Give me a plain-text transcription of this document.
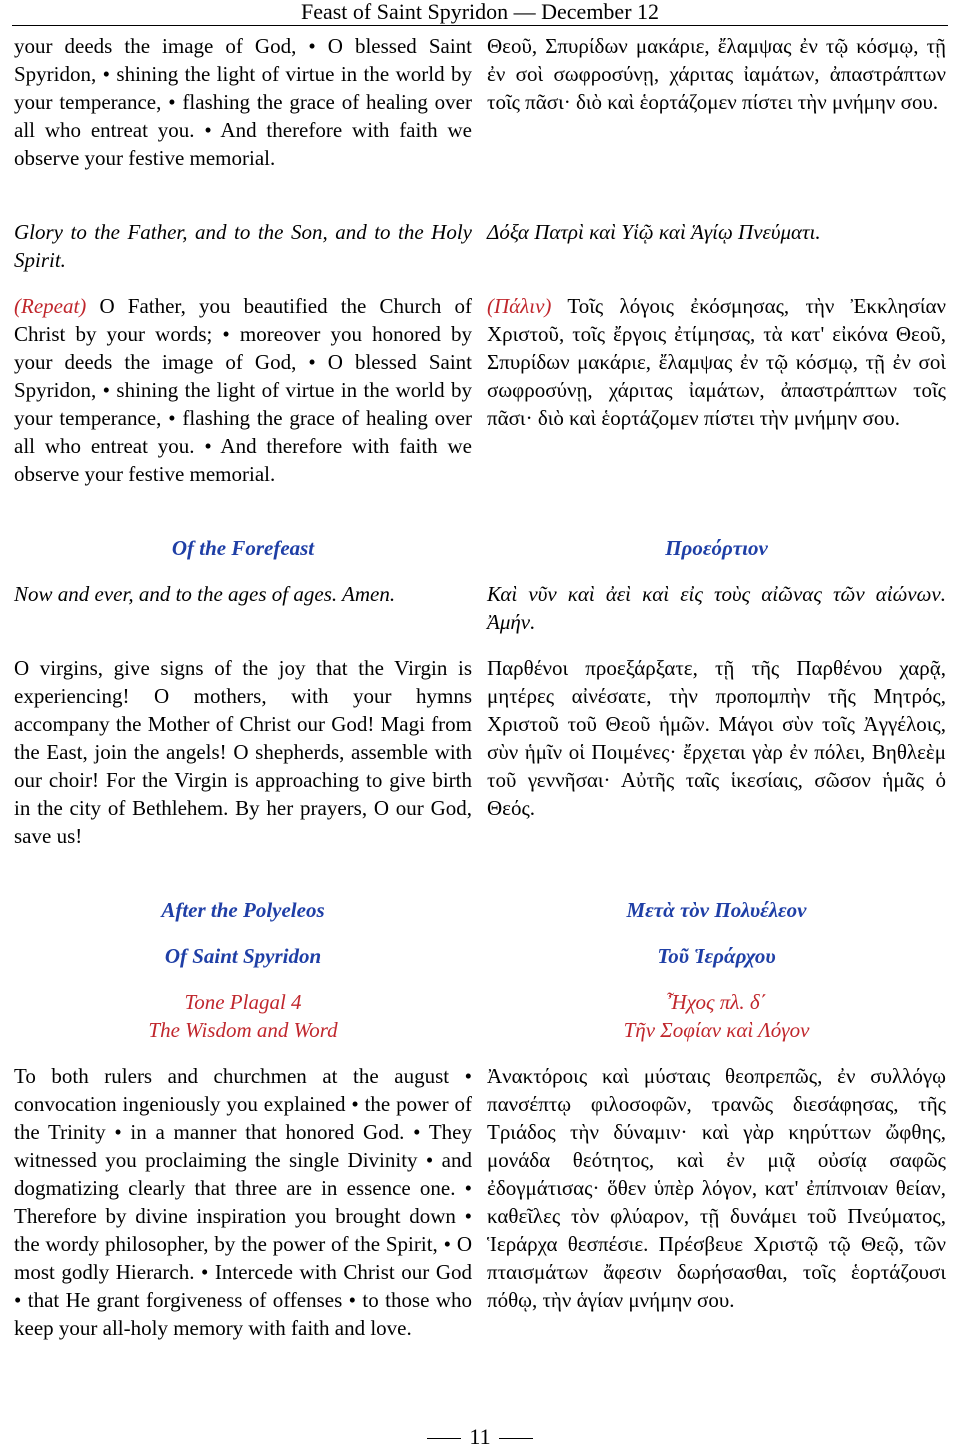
Feast of Saint Spyridon — December 12

your deeds the image of God, • O blessed Saint Spyridon, • shining the light of virtue in the world by your temperance, • flashing the grace of healing over all who entreat you. • And therefore with faith we observe your festive memorial.

Glory to the Father, and to the Son, and to the Holy Spirit.

(Repeat) O Father, you beautified the Church of Christ by your words; • moreover you honored by your deeds the image of God, • O blessed Saint Spyridon, • shining the light of virtue in the world by your temperance, • flashing the grace of healing over all who entreat you. • And therefore with faith we observe your festive memorial.

Of the Forefeast

Now and ever, and to the ages of ages. Amen.

O virgins, give signs of the joy that the Virgin is experiencing! O mothers, with your hymns accompany the Mother of Christ our God! Magi from the East, join the angels! O shepherds, assemble with our choir! For the Virgin is approaching to give birth in the city of Bethlehem. By her prayers, O our God, save us!

After the Polyeleos

Of Saint Spyridon

Tone Plagal 4

The Wisdom and Word

To both rulers and churchmen at the august • convocation ingeniously you explained • the power of the Trinity • in a manner that honored God. • They witnessed you proclaiming the single Divinity • and dogmatizing clearly that three are in essence one. • Therefore by divine inspiration you brought down • the wordy philosopher, by the power of the Spirit, • O most godly Hierarch. • Intercede with Christ our God • that He grant forgiveness of offenses • to those who keep your all-holy memory with faith and love.

Θεοῦ, Σπυρίδων μακάριε, ἔλαμψας ἐν τῷ κόσμῳ, τῇ ἐν σοὶ σωφροσύνῃ, χάριτας ἰαμάτων, ἀπαστράπτων τοῖς πᾶσι· διὸ καὶ ἑορτάζομεν πίστει τὴν μνήμην σου.

Δόξα Πατρὶ καὶ Υἱῷ καὶ Ἁγίῳ Πνεύματι.

(Πάλιν) Τοῖς λόγοις ἐκόσμησας, τὴν Ἐκκλησίαν Χριστοῦ, τοῖς ἔργοις ἐτίμησας, τὰ κατ' εἰκόνα Θεοῦ, Σπυρίδων μακάριε, ἔλαμψας ἐν τῷ κόσμῳ, τῇ ἐν σοὶ σωφροσύνῃ, χάριτας ἰαμάτων, ἀπαστράπτων τοῖς πᾶσι· διὸ καὶ ἑορτάζομεν πίστει τὴν μνήμην σου.

Προεόρτιον

Καὶ νῦν καὶ ἀεὶ καὶ εἰς τοὺς αἰῶνας τῶν αἰώνων. Ἀμήν.

Παρθένοι προεξάρξατε, τῇ τῆς Παρθένου χαρᾷ, μητέρες αἰνέσατε, τὴν προπομπὴν τῆς Μητρός, Χριστοῦ τοῦ Θεοῦ ἡμῶν. Μάγοι σὺν τοῖς Ἀγγέλοις, σὺν ἡμῖν οἱ Ποιμένες· ἔρχεται γὰρ ἐν πόλει, Βηθλεὲμ τοῦ γεννῆσαι· Αὐτῆς ταῖς ἱκεσίαις, σῶσον ἡμᾶς ὁ Θεός.

Μετὰ τὸν Πολυέλεον

Τοῦ Ἱεράρχου

Ἦχος πλ. δ΄

Τῆν Σοφίαν καὶ Λόγον

Ἀνακτόροις καὶ μύσταις θεοπρεπῶς, ἐν συλλόγῳ πανσέπτῳ φιλοσοφῶν, τρανῶς διεσάφησας, τῆς Τριάδος τὴν δύναμιν· καὶ γὰρ κηρύττων ὤφθης, μονάδα θεότητος, καὶ ἐν μιᾷ οὐσίᾳ σαφῶς ἐδογμάτισας· ὅθεν ὑπὲρ λόγον, κατ' ἐπίπνοιαν θείαν, καθεῖλες τὸν φλύαρον, τῇ δυνάμει τοῦ Πνεύματος, Ἱεράρχα θεσπέσιε. Πρέσβευε Χριστῷ τῷ Θεῷ, τῶν πταισμάτων ἄφεσιν δωρήσασθαι, τοῖς ἑορτάζουσι πόθῳ, τὴν ἁγίαν μνήμην σου.

11
